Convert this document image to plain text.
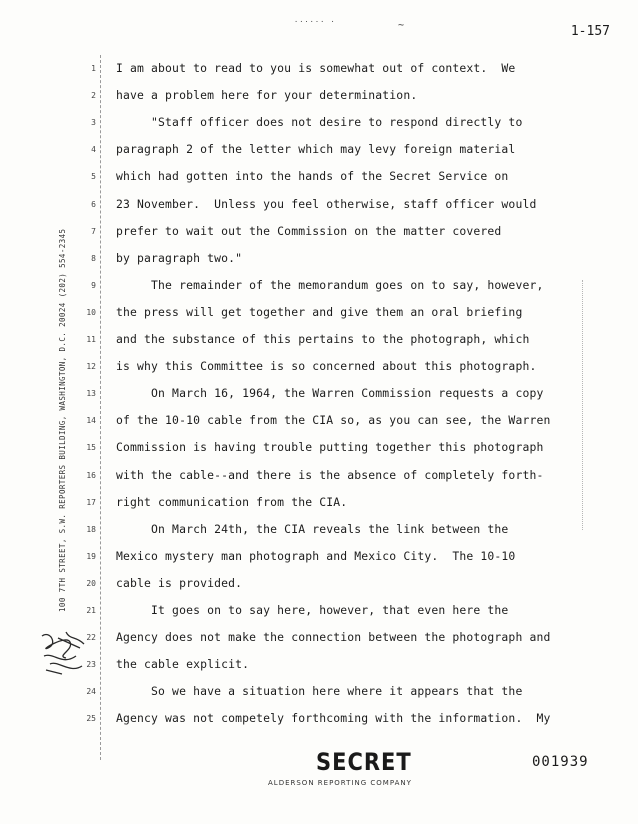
...... .	~	1-157
1
2
3
4
5
6
7
8
9
10
11
12
13
14
15
16
17
18
19
20
21
22
23
24
25
100 7TH STREET, S.W. REPORTERS BUILDING, WASHINGTON, D.C. 20024 (202) 554-2345
I am about to read to you is somewhat out of context.  We
have a problem here for your determination.
"Staff officer does not desire to respond directly to
paragraph 2 of the letter which may levy foreign material
which had gotten into the hands of the Secret Service on
23 November.  Unless you feel otherwise, staff officer would
prefer to wait out the Commission on the matter covered
by paragraph two."
The remainder of the memorandum goes on to say, however,
the press will get together and give them an oral briefing
and the substance of this pertains to the photograph, which
is why this Committee is so concerned about this photograph.
On March 16, 1964, the Warren Commission requests a copy
of the 10-10 cable from the CIA so, as you can see, the Warren
Commission is having trouble putting together this photograph
with the cable--and there is the absence of completely forth-
right communication from the CIA.
On March 24th, the CIA reveals the link between the
Mexico mystery man photograph and Mexico City.  The 10-10
cable is provided.
It goes on to say here, however, that even here the
Agency does not make the connection between the photograph and
the cable explicit.
So we have a situation here where it appears that the
Agency was not competely forthcoming with the information.  My
SECRET
ALDERSON REPORTING COMPANY
001939
